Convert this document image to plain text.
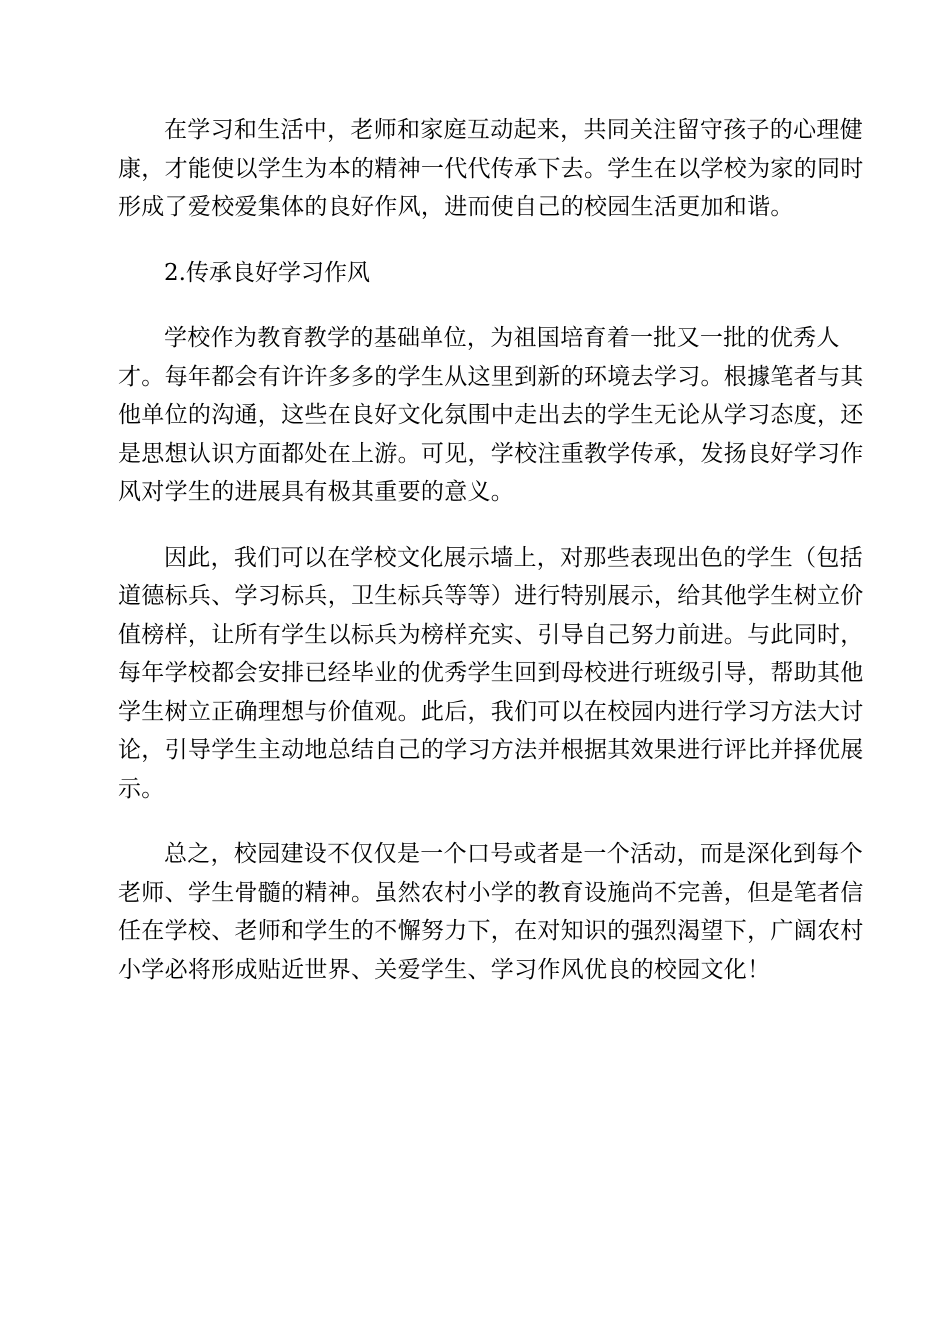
在学习和生活中，老师和家庭互动起来，共同关注留守孩子的心理健
康，才能使以学生为本的精神一代代传承下去。学生在以学校为家的同时
形成了爱校爱集体的良好作风，进而使自己的校园生活更加和谐。

2.传承良好学习作风

学校作为教育教学的基础单位，为祖国培育着一批又一批的优秀人
才。每年都会有许许多多的学生从这里到新的环境去学习。根據笔者与其
他单位的沟通，这些在良好文化氛围中走出去的学生无论从学习态度，还
是思想认识方面都处在上游。可见，学校注重教学传承，发扬良好学习作
风对学生的进展具有极其重要的意义。

因此，我们可以在学校文化展示墙上，对那些表现出色的学生（包括
道德标兵、学习标兵，卫生标兵等等）进行特别展示，给其他学生树立价
值榜样，让所有学生以标兵为榜样充实、引导自己努力前进。与此同时，
每年学校都会安排已经毕业的优秀学生回到母校进行班级引导，帮助其他
学生树立正确理想与价值观。此后，我们可以在校园内进行学习方法大讨
论，引导学生主动地总结自己的学习方法并根据其效果进行评比并择优展
示。

总之，校园建设不仅仅是一个口号或者是一个活动，而是深化到每个
老师、学生骨髓的精神。虽然农村小学的教育设施尚不完善，但是笔者信
任在学校、老师和学生的不懈努力下，在对知识的强烈渴望下，广阔农村
小学必将形成贴近世界、关爱学生、学习作风优良的校园文化！
